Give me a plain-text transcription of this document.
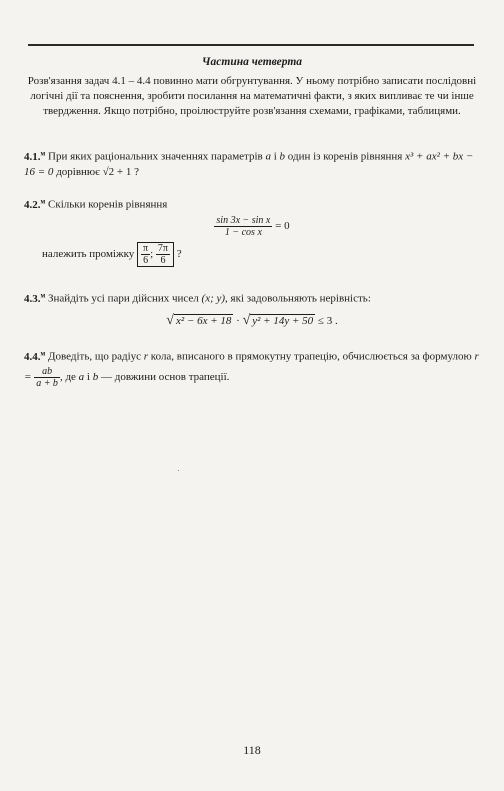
Частина четверта
Розв'язання задач 4.1 – 4.4 повинно мати обгрунтування. У ньому потрібно записати послідовні логічні дії та пояснення, зробити посилання на математичні факти, з яких випливає те чи інше твердження. Якщо потрібно, проілюструйте розв'язання схемами, графіками, таблицями.
4.1.$^м$ При яких раціональних значеннях параметрів a і b один із коренів рівняння x³ + ax² + bx − 16 = 0 дорівнює √2 + 1 ?
4.2.$^м$ Скільки коренів рівняння
$\frac{\text{sin 3x − sin x}}{\text{1 − cos x}} = 0$
належить проміжку $\frac{\pi}{6}$ ; $\frac{7\pi}{6}$ ?
4.3.$^м$ Знайдіть усі пари дійсних чисел (x; y), які задовольняють нерівність:
√ x² − 6x + 18 · √ y² + 14y + 50 ≤ 3 .
4.4.$^м$ Доведіть, що радіус r кола, вписаного в прямокутну трапецію, обчислюється за формулою $r = \frac{ab}{a + b}$ , де a і b — довжини основ трапеції.
118
